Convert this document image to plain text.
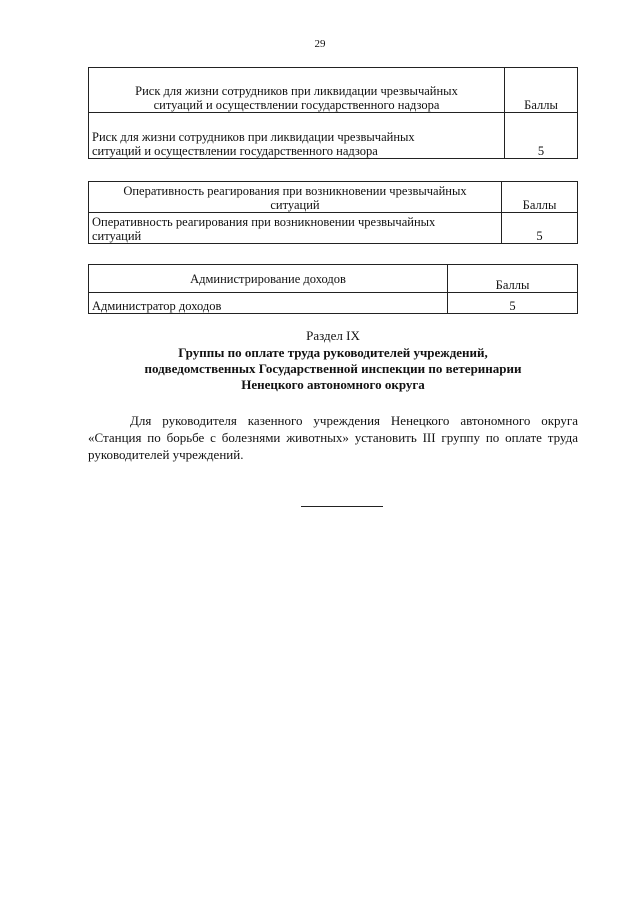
29
Риск для жизни сотрудников при ликвидации чрезвычайных ситуаций и осуществлении государственного надзора	Баллы
Риск для жизни сотрудников при ликвидации чрезвычайных ситуаций и осуществлении государственного надзора	5
Оперативность реагирования при возникновении чрезвычайных ситуаций	Баллы
Оперативность реагирования при возникновении чрезвычайных ситуаций	5
Администрирование доходов	Баллы
Администратор доходов	5
Раздел IX
Группы по оплате труда руководителей учреждений, подведомственных Государственной инспекции по ветеринарии Ненецкого автономного округа
Для руководителя казенного учреждения Ненецкого автономного округа «Станция по борьбе с болезнями животных» установить III группу по оплате труда руководителей учреждений.
